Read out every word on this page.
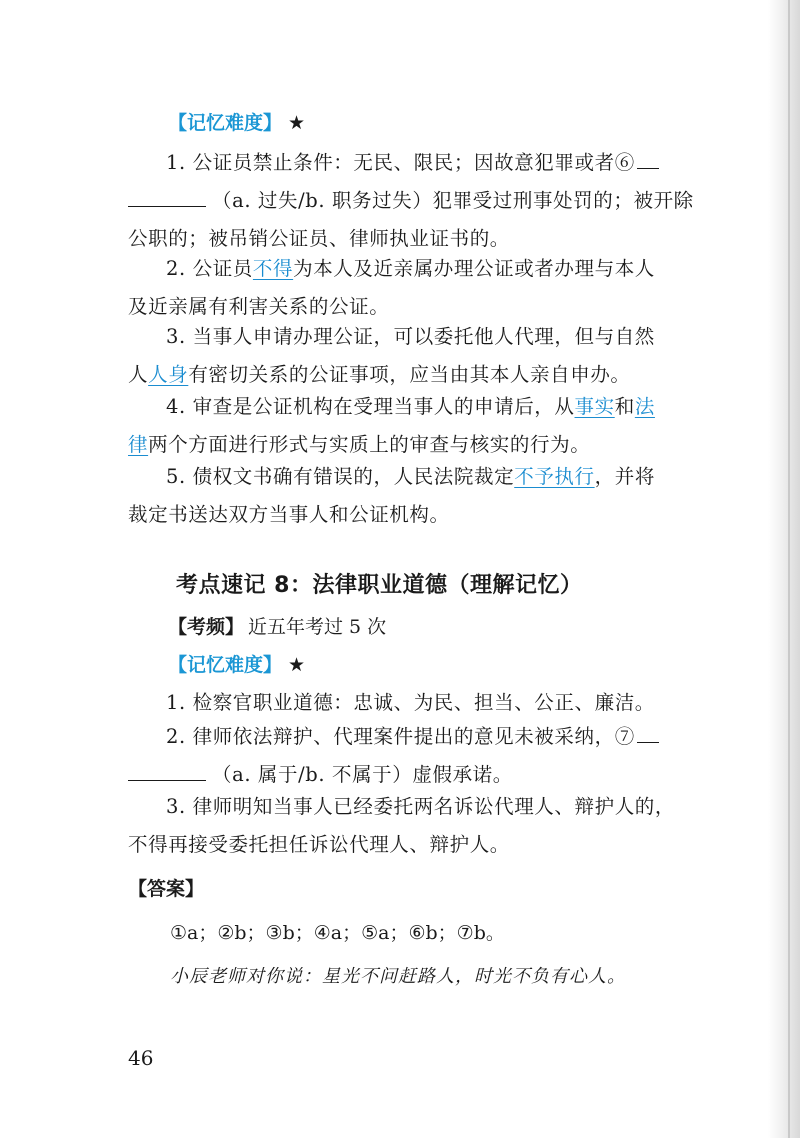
【记忆难度】 ★
1. 公证员禁止条件：无民、限民；因故意犯罪或者⑥
（a. 过失/b. 职务过失）犯罪受过刑事处罚的；被开除
公职的；被吊销公证员、律师执业证书的。
2. 公证员不得为本人及近亲属办理公证或者办理与本人
及近亲属有利害关系的公证。
3. 当事人申请办理公证，可以委托他人代理，但与自然
人人身有密切关系的公证事项，应当由其本人亲自申办。
4. 审查是公证机构在受理当事人的申请后，从事实和法
律两个方面进行形式与实质上的审查与核实的行为。
5. 债权文书确有错误的，人民法院裁定不予执行，并将
裁定书送达双方当事人和公证机构。
考点速记 8：法律职业道德（理解记忆）
【考频】 近五年考过 5 次
【记忆难度】 ★
1. 检察官职业道德：忠诚、为民、担当、公正、廉洁。
2. 律师依法辩护、代理案件提出的意见未被采纳，⑦
（a. 属于/b. 不属于）虚假承诺。
3. 律师明知当事人已经委托两名诉讼代理人、辩护人的，
不得再接受委托担任诉讼代理人、辩护人。
【答案】
①a；②b；③b；④a；⑤a；⑥b；⑦b。
小辰老师对你说：星光不问赶路人，时光不负有心人。
46
